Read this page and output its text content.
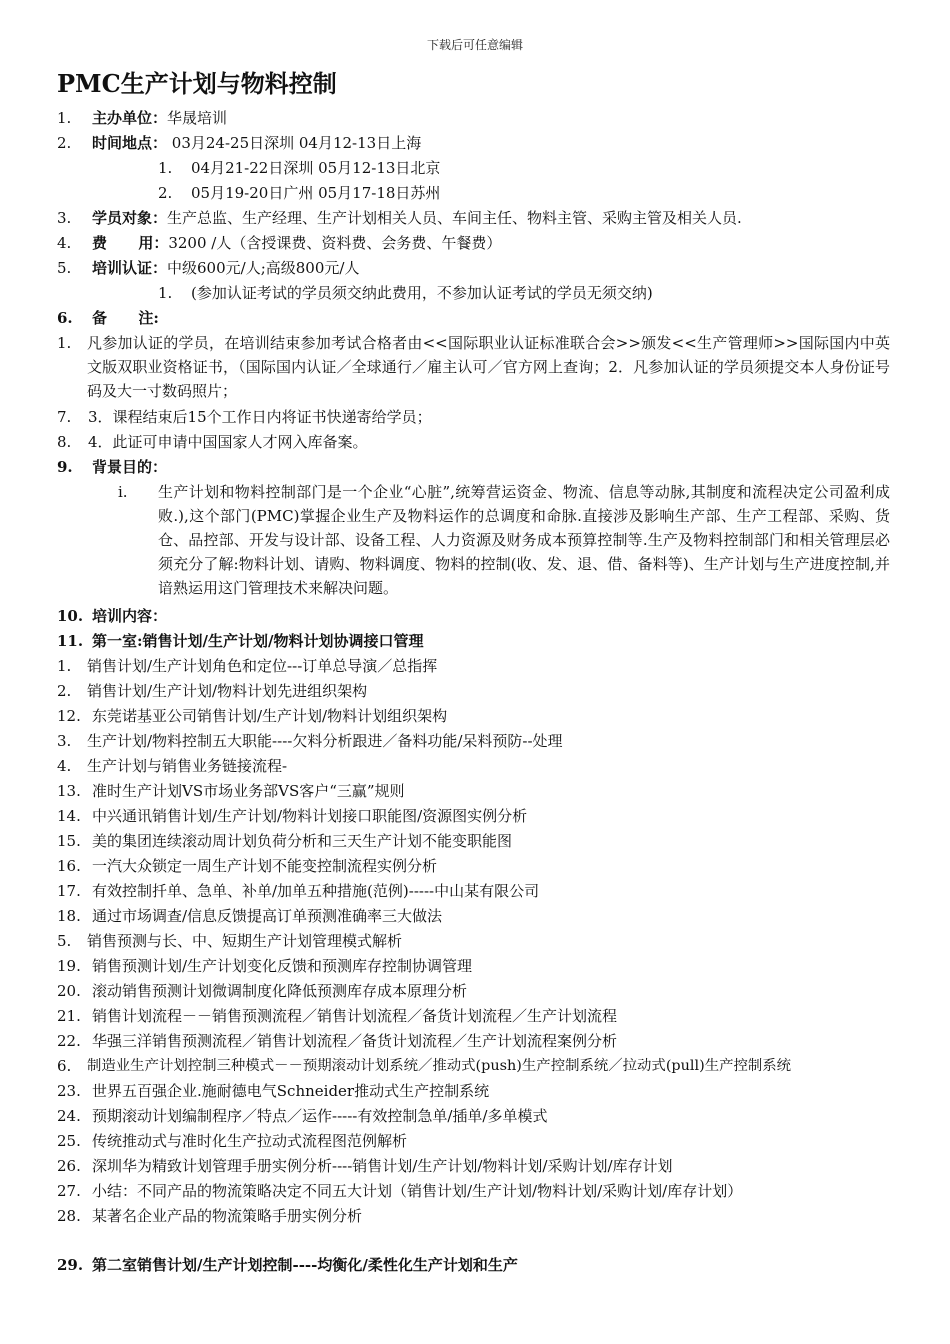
下载后可任意编辑
PMC生产计划与物料控制
1. 主办单位：华晟培训
2. 时间地点： 03月24-25日深圳 04月12-13日上海
1. 04月21-22日深圳 05月12-13日北京
2. 05月19-20日广州 05月17-18日苏州
3. 学员对象：生产总监、生产经理、生产计划相关人员、车间主任、物料主管、采购主管及相关人员.
4. 费      用：3200 /人（含授课费、资料费、会务费、午餐费）
5. 培训认证：中级600元/人;高级800元/人
1. (参加认证考试的学员须交纳此费用，不参加认证考试的学员无须交纳)
6. 备      注:
1. 凡参加认证的学员，在培训结束参加考试合格者由<<国际职业认证标准联合会>>颁发<<生产管理师>>国际国内中英文版双职业资格证书，（国际国内认证／全球通行／雇主认可／官方网上查询；2．凡参加认证的学员须提交本人身份证号码及大一寸数码照片；
7. 3．课程结束后15个工作日内将证书快递寄给学员；
8. 4．此证可申请中国国家人才网入库备案。
9. 背景目的：
i. 生产计划和物料控制部门是一个企业“心脏”,统筹营运资金、物流、信息等动脉,其制度和流程决定公司盈利成败.),这个部门(PMC)掌握企业生产及物料运作的总调度和命脉.直接涉及影响生产部、生产工程部、采购、货仓、品控部、开发与设计部、设备工程、人力资源及财务成本预算控制等.生产及物料控制部门和相关管理层必须充分了解:物料计划、请购、物料调度、物料的控制(收、发、退、借、备料等)、生产计划与生产进度控制,并谙熟运用这门管理技术来解决问题。
10. 培训内容：
11. 第一室:销售计划/生产计划/物料计划协调接口管理
1. 销售计划/生产计划角色和定位---订单总导演／总指挥
2. 销售计划/生产计划/物料计划先进组织架构
12. 东莞诺基亚公司销售计划/生产计划/物料计划组织架构
3. 生产计划/物料控制五大职能----欠料分析跟进／备料功能/呆料预防--处理
4. 生产计划与销售业务链接流程-
13. 准时生产计划VS市场业务部VS客户“三赢”规则
14. 中兴通讯销售计划/生产计划/物料计划接口职能图/资源图实例分析
15. 美的集团连续滚动周计划负荷分析和三天生产计划不能变职能图
16. 一汽大众锁定一周生产计划不能变控制流程实例分析
17. 有效控制扦单、急单、补单/加单五种措施(范例)-----中山某有限公司
18. 通过市场调查/信息反馈提高订单预测准确率三大做法
5. 销售预测与长、中、短期生产计划管理模式解析
19. 销售预测计划/生产计划变化反馈和预测库存控制协调管理
20. 滚动销售预测计划微调制度化降低预测库存成本原理分析
21. 销售计划流程－－销售预测流程／销售计划流程／备货计划流程／生产计划流程
22. 华强三洋销售预测流程／销售计划流程／备货计划流程／生产计划流程案例分析
6. 制造业生产计划控制三种模式－－预期滚动计划系统／推动式(push)生产控制系统／拉动式(pull)生产控制系统
23. 世界五百强企业.施耐德电气Schneider推动式生产控制系统
24. 预期滚动计划编制程序／特点／运作-----有效控制急单/插单/多单模式
25. 传统推动式与准时化生产拉动式流程图范例解析
26. 深圳华为精致计划管理手册实例分析----销售计划/生产计划/物料计划/采购计划/库存计划
27. 小结：不同产品的物流策略决定不同五大计划（销售计划/生产计划/物料计划/采购计划/库存计划）
28. 某著名企业产品的物流策略手册实例分析
29. 第二室销售计划/生产计划控制----均衡化/柔性化生产计划和生产
